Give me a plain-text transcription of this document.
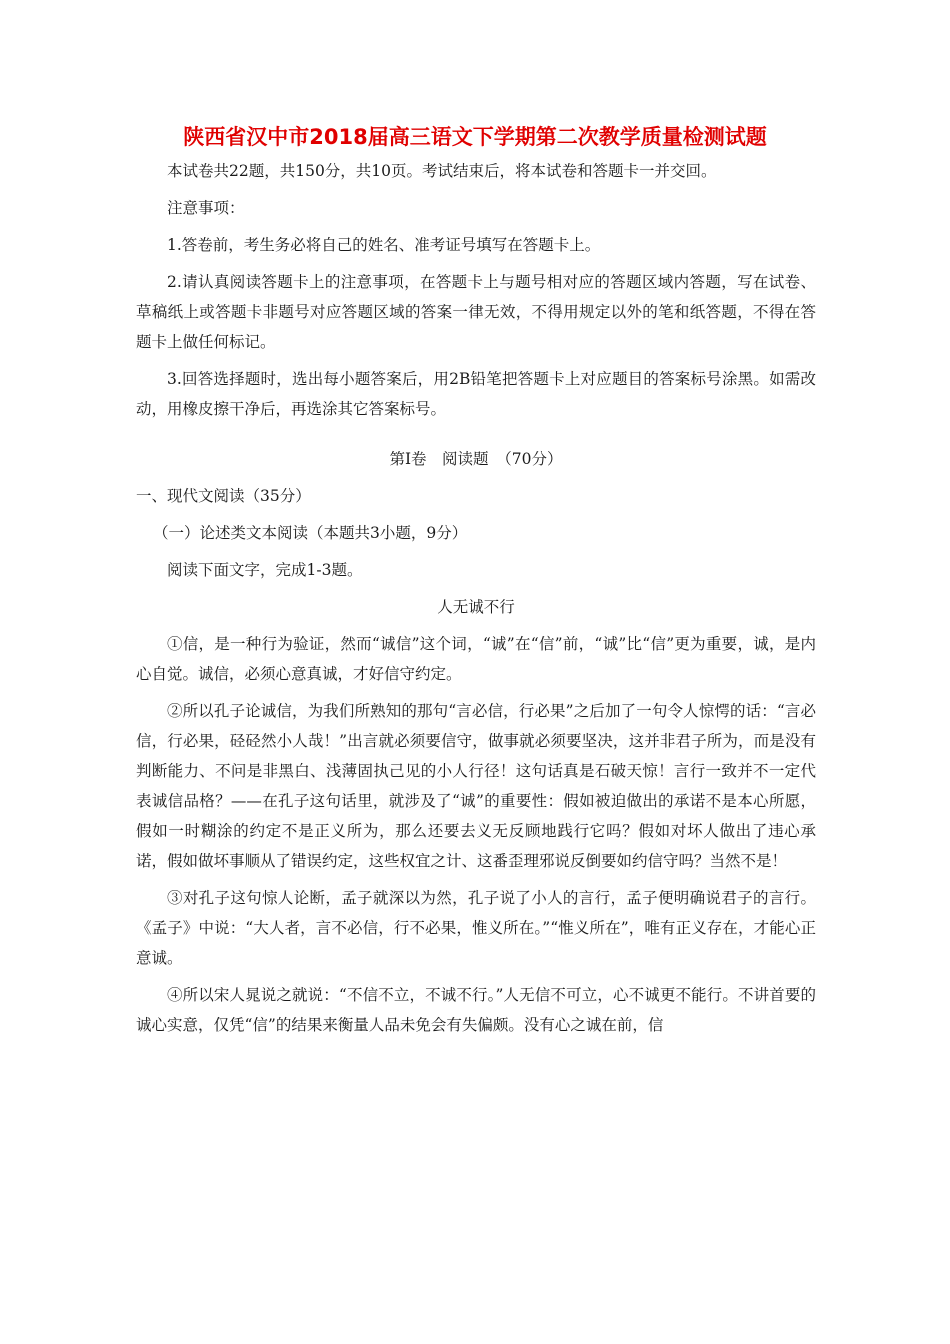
陕西省汉中市2018届高三语文下学期第二次教学质量检测试题

本试卷共22题，共150分，共10页。考试结束后，将本试卷和答题卡一并交回。

注意事项：

1.答卷前，考生务必将自己的姓名、准考证号填写在答题卡上。

2.请认真阅读答题卡上的注意事项，在答题卡上与题号相对应的答题区域内答题，写在试卷、草稿纸上或答题卡非题号对应答题区域的答案一律无效，不得用规定以外的笔和纸答题，不得在答题卡上做任何标记。

3.回答选择题时，选出每小题答案后，用2B铅笔把答题卡上对应题目的答案标号涂黑。如需改动，用橡皮擦干净后，再选涂其它答案标号。

第Ⅰ卷　阅读题　（70分）

一、现代文阅读（35分）

（一）论述类文本阅读（本题共3小题，9分）

阅读下面文字，完成1-3题。

人无诚不行

①信，是一种行为验证，然而“诚信”这个词，“诚”在“信”前，“诚”比“信”更为重要，诚，是内心自觉。诚信，必须心意真诚，才好信守约定。

②所以孔子论诚信，为我们所熟知的那句“言必信，行必果”之后加了一句令人惊愕的话：“言必信，行必果，硁硁然小人哉！”出言就必须要信守，做事就必须要坚决，这并非君子所为，而是没有判断能力、不问是非黑白、浅薄固执己见的小人行径！这句话真是石破天惊！言行一致并不一定代表诚信品格？——在孔子这句话里，就涉及了“诚”的重要性：假如被迫做出的承诺不是本心所愿，假如一时糊涂的约定不是正义所为，那么还要去义无反顾地践行它吗？假如对坏人做出了违心承诺，假如做坏事顺从了错误约定，这些权宜之计、这番歪理邪说反倒要如约信守吗？当然不是！

③对孔子这句惊人论断，孟子就深以为然，孔子说了小人的言行，孟子便明确说君子的言行。《孟子》中说：“大人者，言不必信，行不必果，惟义所在。”“惟义所在”，唯有正义存在，才能心正意诚。

④所以宋人晁说之就说：“不信不立，不诚不行。”人无信不可立，心不诚更不能行。不讲首要的诚心实意，仅凭“信”的结果来衡量人品未免会有失偏颇。没有心之诚在前，信
